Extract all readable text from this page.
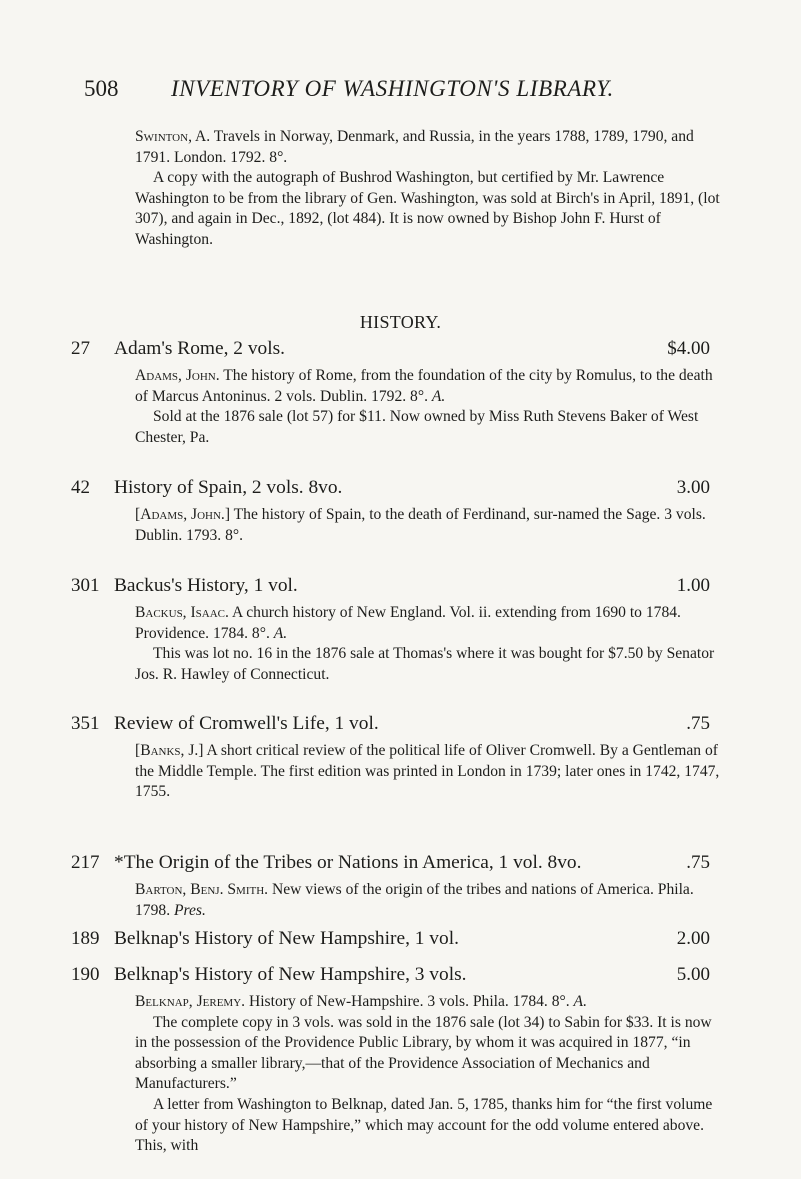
508 INVENTORY OF WASHINGTON'S LIBRARY.

Swinton, A. Travels in Norway, Denmark, and Russia, in the years 1788, 1789, 1790, and 1791. London. 1792. 8°.

A copy with the autograph of Bushrod Washington, but certified by Mr. Lawrence Washington to be from the library of Gen. Washington, was sold at Birch's in April, 1891, (lot 307), and again in Dec., 1892, (lot 484). It is now owned by Bishop John F. Hurst of Washington.

HISTORY.
27 Adam's Rome, 2 vols.	$4.00

Adams, John. The history of Rome, from the foundation of the city by Romulus, to the death of Marcus Antoninus. 2 vols. Dublin. 1792. 8°. A.

Sold at the 1876 sale (lot 57) for $11. Now owned by Miss Ruth Stevens Baker of West Chester, Pa.

42 History of Spain, 2 vols. 8vo.	3.00

[Adams, John.] The history of Spain, to the death of Ferdinand, sur-named the Sage. 3 vols. Dublin. 1793. 8°.

301 Backus's History, 1 vol.	1.00

Backus, Isaac. A church history of New England. Vol. ii. extending from 1690 to 1784. Providence. 1784. 8°. A.

This was lot no. 16 in the 1876 sale at Thomas's where it was bought for $7.50 by Senator Jos. R. Hawley of Connecticut.

351 Review of Cromwell's Life, 1 vol.	.75

[Banks, J.] A short critical review of the political life of Oliver Cromwell. By a Gentleman of the Middle Temple. The first edition was printed in London in 1739; later ones in 1742, 1747, 1755.

217 *The Origin of the Tribes or Nations in America, 1 vol. 8vo.	.75

Barton, Benj. Smith. New views of the origin of the tribes and nations of America. Phila. 1798. Pres.

189 Belknap's History of New Hampshire, 1 vol.	2.00
190 Belknap's History of New Hampshire, 3 vols.	5.00

Belknap, Jeremy. History of New-Hampshire. 3 vols. Phila. 1784. 8°. A.

The complete copy in 3 vols. was sold in the 1876 sale (lot 34) to Sabin for $33. It is now in the possession of the Providence Public Library, by whom it was acquired in 1877, “in absorbing a smaller library,—that of the Providence Association of Mechanics and Manufacturers.”

A letter from Washington to Belknap, dated Jan. 5, 1785, thanks him for “the first volume of your history of New Hampshire,” which may account for the odd volume entered above. This, with
